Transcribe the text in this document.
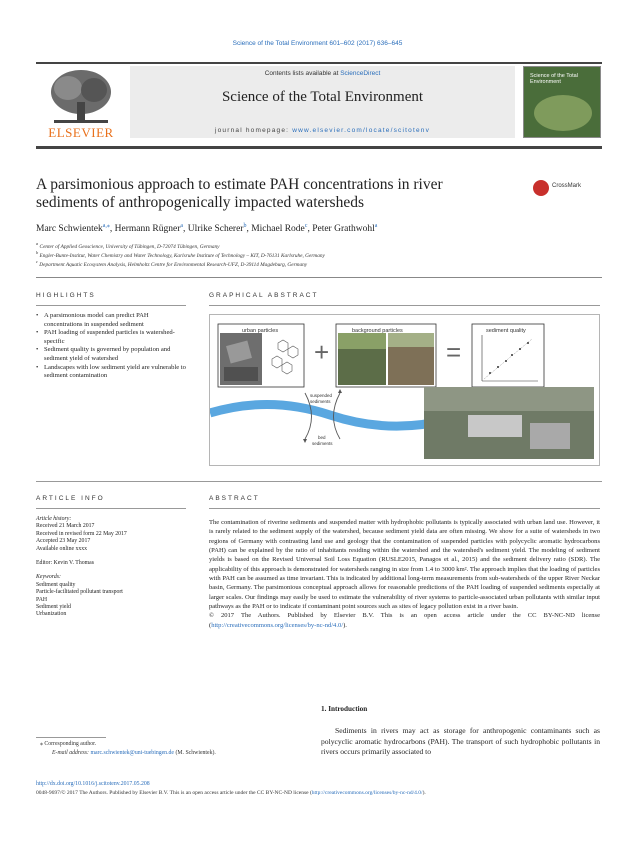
Science of the Total Environment 601–602 (2017) 636–645
ELSEVIER
Contents lists available at ScienceDirect
Science of the Total Environment
journal homepage: www.elsevier.com/locate/scitotenv
Science of the Total Environment
A parsimonious approach to estimate PAH concentrations in river
sediments of anthropogenically impacted watersheds
CrossMark
Marc Schwientek$^{a,⁎}$, Hermann Rügner$^a$, Ulrike Scherer$^b$, Michael Rode$^c$, Peter Grathwohl$^a$
$^a$ Center of Applied Geoscience, University of Tübingen, D-72074 Tübingen, Germany
$^b$ Engler-Bunte-Institut, Water Chemistry and Water Technology, Karlsruhe Institute of Technology – KIT, D-76131 Karlsruhe, Germany
$^c$ Department Aquatic Ecosystem Analysis, Helmholtz Centre for Environmental Research-UFZ, D-39114 Magdeburg, Germany
HIGHLIGHTS
• A parsimonious model can predict PAH concentrations in suspended sediment
• PAH loading of suspended particles is watershed-specific
• Sediment quality is governed by population and sediment yield of watershed
• Landscapes with low sediment yield are vulnerable to sediment contamination
GRAPHICAL ABSTRACT
+	=
urban particles	background particles	sediment quality
suspended
sediments
bed
sediments
ARTICLE INFO
Article history:
Received 21 March 2017
Received in revised form 22 May 2017
Accepted 23 May 2017
Available online xxxx
Editor: Kevin V. Thomas
Keywords:
Sediment quality
Particle-facilitated pollutant transport
PAH
Sediment yield
Urbanization
ABSTRACT
The contamination of riverine sediments and suspended matter with hydrophobic pollutants is typically associated with urban land use. However, it is rarely related to the sediment supply of the watershed, because sediment yield data are often missing. We show for a suite of watersheds in two regions of Germany with contrasting land use and geology that the contamination of suspended particles with polycyclic aromatic hydrocarbons (PAH) can be explained by the ratio of inhabitants residing within the watershed and the watershed's sediment yield. The modeling of sediment yields is based on the Revised Universal Soil Loss Equation (RUSLE2015, Panagos et al., 2015) and the sediment delivery ratio (SDR). The applicability of this approach is demonstrated for watersheds ranging in size from 1.4 to 3000 km². The approach implies that the loading of particles with PAH can be assumed as time invariant. This is indicated by additional long-term measurements from sub-watersheds of the upper River Neckar basin, Germany. The parsimonious conceptual approach allows for reasonable predictions of the PAH loading of suspended sediments especially at larger scales. Our findings may easily be used to estimate the vulnerability of river systems to particle-associated urban pollutants with similar input pathways as the PAH or to indicate if contaminant point sources such as sites of legacy pollution exist in a river basin.
© 2017 The Authors. Published by Elsevier B.V. This is an open access article under the CC BY-NC-ND license (http://creativecommons.org/licenses/by-nc-nd/4.0/).
1. Introduction
Sediments in rivers may act as storage for anthropogenic contaminants such as polycyclic aromatic hydrocarbons (PAH). The transport of such hydrophobic pollutants in rivers occurs primarily associated to
⁎ Corresponding author.
E-mail address: marc.schwientek@uni-tuebingen.de (M. Schwientek).
http://dx.doi.org/10.1016/j.scitotenv.2017.05.208
0048-9697/© 2017 The Authors. Published by Elsevier B.V. This is an open access article under the CC BY-NC-ND license (http://creativecommons.org/licenses/by-nc-nd/4.0/).
